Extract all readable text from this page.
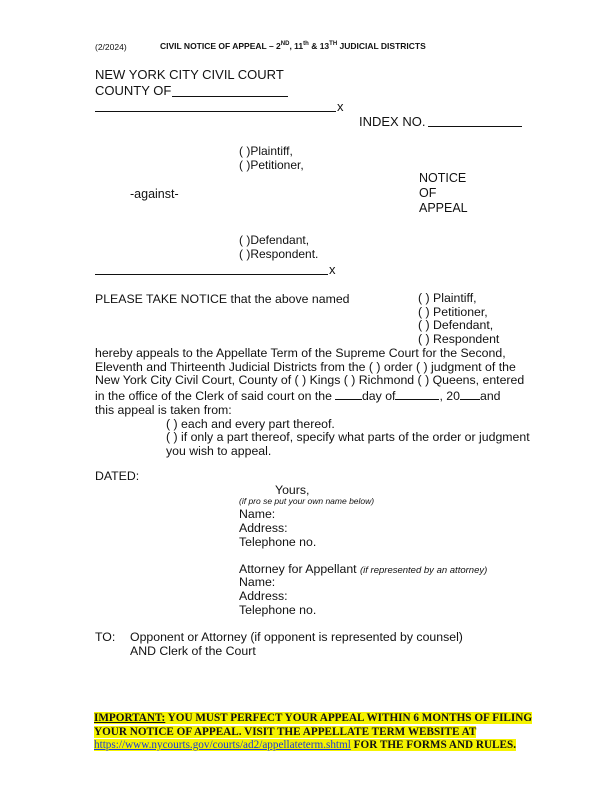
(2/2024)	CIVIL NOTICE OF APPEAL – 2ND, 11th & 13TH JUDICIAL DISTRICTS
NEW YORK CITY CIVIL COURT
COUNTY OF
x
INDEX NO.
( )Plaintiff,
( )Petitioner,
-against-
NOTICE
OF
APPEAL
( )Defendant,
( )Respondent.
x
PLEASE TAKE NOTICE that the above named	( ) Plaintiff,
( ) Petitioner,
( ) Defendant,
( ) Respondent
hereby appeals to the Appellate Term of the Supreme Court for the Second,
Eleventh and Thirteenth Judicial Districts from the ( ) order ( ) judgment of the
New York City Civil Court, County of ( ) Kings ( ) Richmond ( ) Queens, entered
in the office of the Clerk of said court on the day of	, 20 and
this appeal is taken from:
( ) each and every part thereof.
( ) if only a part thereof, specify what parts of the order or judgment
you wish to appeal.
DATED:
Yours,
(if pro se put your own name below)
Name:
Address:
Telephone no.
Attorney for Appellant (if represented by an attorney)
Name:
Address:
Telephone no.
TO: Opponent or Attorney (if opponent is represented by counsel)
AND Clerk of the Court
IMPORTANT: YOU MUST PERFECT YOUR APPEAL WITHIN 6 MONTHS OF FILING YOUR NOTICE OF APPEAL. VISIT THE APPELLATE TERM WEBSITE AT https://www.nycourts.gov/courts/ad2/appellateterm.shtml FOR THE FORMS AND RULES.
